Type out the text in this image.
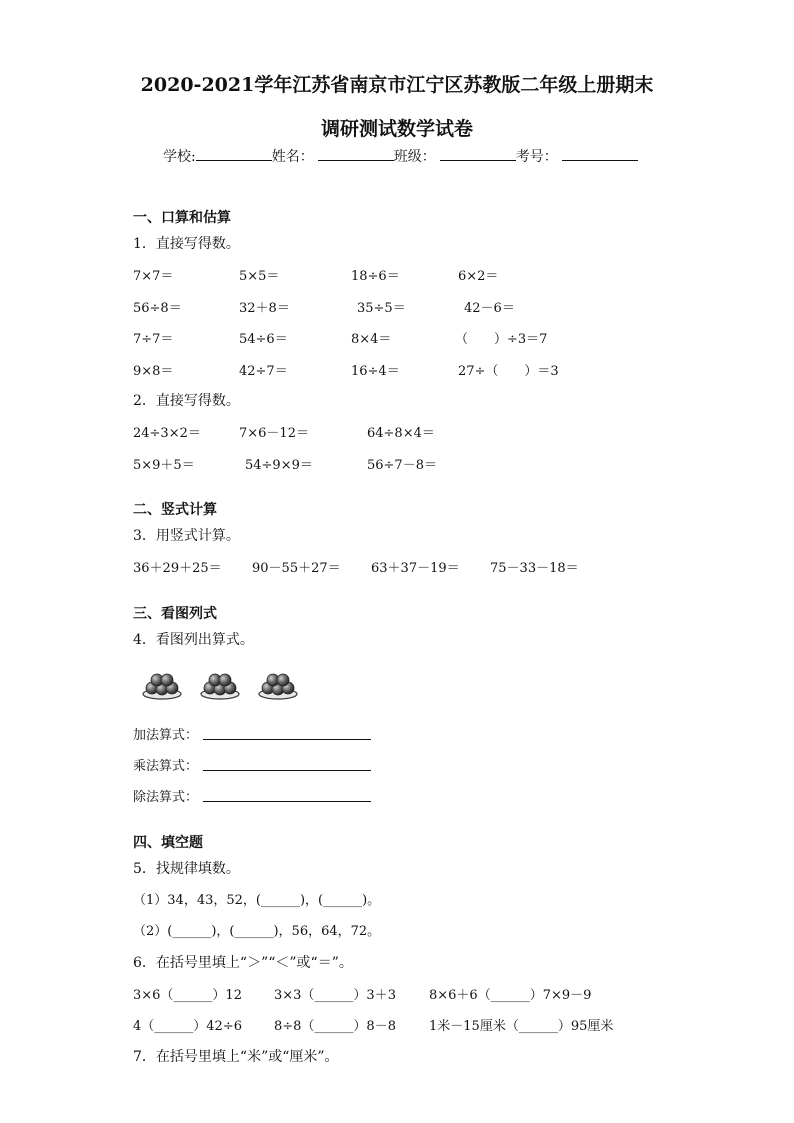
2020-2021学年江苏省南京市江宁区苏教版二年级上册期末
调研测试数学试卷
学校:	姓名：	班级：	考号：
一、口算和估算
1．直接写得数。
7×7＝	5×5＝	18÷6＝	6×2＝
56÷8＝	32＋8＝	35÷5＝	42－6＝
7÷7＝	54÷6＝	8×4＝	（　　）÷3＝7
9×8＝	42÷7＝	16÷4＝	27÷（　　）＝3
2．直接写得数。
24÷3×2＝	7×6－12＝	64÷8×4＝
5×9＋5＝	54÷9×9＝	56÷7－8＝
二、竖式计算
3．用竖式计算。
36＋29＋25＝ 90－55＋27＝ 63＋37－19＝ 75－33－18＝
三、看图列式
4．看图列出算式。
加法算式：
乘法算式：
除法算式：
四、填空题
5．找规律填数。
（1）34，43，52，(______)，(______)。
（2）(______)，(______)，56，64，72。
6．在括号里填上“＞”“＜”或“＝”。
3×6（______）12 3×3（______）3＋3	8×6＋6（______）7×9－9
4（______）42÷6 8÷8（______）8－8	1米－15厘米（______）95厘米
7．在括号里填上“米”或“厘米”。
